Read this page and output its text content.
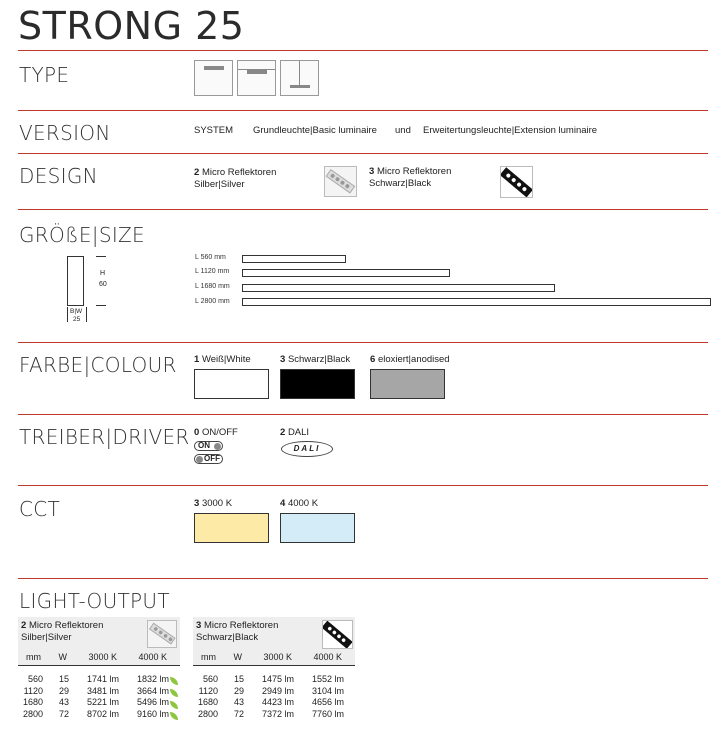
STRONG 25
TYPE
VERSION	SYSTEM Grundleuchte|Basic luminaire und Erweitertungsleuchte|Extension luminaire
DESIGN	2 Micro Reflektoren
Silber|Silver
3 Micro Reflektoren
Schwarz|Black
GRÖßE|SIZE
H
60
B|W
25
L 560 mm
L 1120 mm
L 1680 mm
L 2800 mm
FARBE|COLOUR 1 Weiß|White	3 Schwarz|Black 6 eloxiert|anodised
TREIBER|DRIVER 0 ON/OFF
ON
OFF
2 DALI
DALI
CCT	3 3000 K	4 4000 K
LIGHT-OUTPUT
2 Micro Reflektoren
Silber|Silver
mm	W	3000 K	4000 K
560	15	1741 lm	1832 lm
1120	29	3481 lm	3664 lm
1680	43	5221 lm	5496 lm
2800	72	8702 lm	9160 lm
3 Micro Reflektoren
Schwarz|Black
mm	W	3000 K	4000 K
560	15	1475 lm	1552 lm
1120	29	2949 lm	3104 lm
1680	43	4423 lm	4656 lm
2800	72	7372 lm	7760 lm
